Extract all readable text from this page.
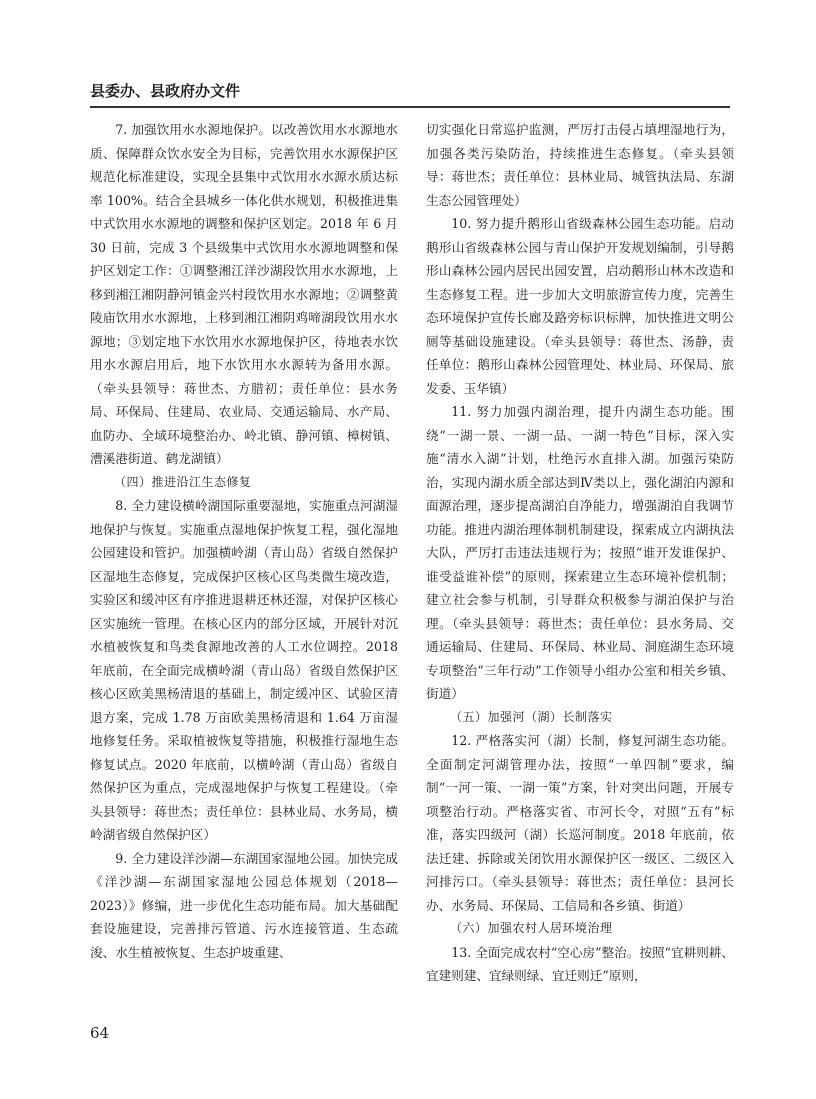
县委办、县政府办文件

7. 加强饮用水水源地保护。以改善饮用水水源地水质、保障群众饮水安全为目标，完善饮用水水源保护区规范化标准建设，实现全县集中式饮用水水源水质达标率 100%。结合全县城乡一体化供水规划，积极推进集中式饮用水水源地的调整和保护区划定。2018 年 6 月 30 日前，完成 3 个县级集中式饮用水水源地调整和保护区划定工作：①调整湘江洋沙湖段饮用水水源地，上移到湘江湘阴静河镇金兴村段饮用水水源地；②调整黄陵庙饮用水水源地，上移到湘江湘阴鸡啼湖段饮用水水源地；③划定地下水饮用水水源地保护区，待地表水饮用水水源启用后，地下水饮用水水源转为备用水源。（牵头县领导：蒋世杰、方腊初；责任单位：县水务局、环保局、住建局、农业局、交通运输局、水产局、血防办、全域环境整治办、岭北镇、静河镇、樟树镇、漕溪港街道、鹤龙湖镇）

（四）推进沿江生态修复

8. 全力建设横岭湖国际重要湿地，实施重点河湖湿地保护与恢复。实施重点湿地保护恢复工程，强化湿地公园建设和管护。加强横岭湖（青山岛）省级自然保护区湿地生态修复，完成保护区核心区鸟类微生境改造，实验区和缓冲区有序推进退耕还林还湿，对保护区核心区实施统一管理。在核心区内的部分区域，开展针对沉水植被恢复和鸟类食源地改善的人工水位调控。2018 年底前，在全面完成横岭湖（青山岛）省级自然保护区核心区欧美黑杨清退的基础上，制定缓冲区、试验区清退方案，完成 1.78 万亩欧美黑杨清退和 1.64 万亩湿地修复任务。采取植被恢复等措施，积极推行湿地生态修复试点。2020 年底前，以横岭湖（青山岛）省级自然保护区为重点，完成湿地保护与恢复工程建设。（牵头县领导：蒋世杰；责任单位：县林业局、水务局，横岭湖省级自然保护区）

9. 全力建设洋沙湖—东湖国家湿地公园。加快完成《洋沙湖—东湖国家湿地公园总体规划（2018—2023）》修编，进一步优化生态功能布局。加大基础配套设施建设，完善排污管道、污水连接管道、生态疏浚、水生植被恢复、生态护坡重建、

切实强化日常巡护监测，严厉打击侵占填埋湿地行为，加强各类污染防治，持续推进生态修复。（牵头县领导：蒋世杰；责任单位：县林业局、城管执法局、东湖生态公园管理处）

10. 努力提升鹅形山省级森林公园生态功能。启动鹅形山省级森林公园与青山保护开发规划编制，引导鹅形山森林公园内居民出园安置，启动鹅形山林木改造和生态修复工程。进一步加大文明旅游宣传力度，完善生态环境保护宣传长廊及路旁标识标牌，加快推进文明公厕等基础设施建设。（牵头县领导：蒋世杰、汤静，责任单位：鹅形山森林公园管理处、林业局、环保局、旅发委、玉华镇）

11. 努力加强内湖治理，提升内湖生态功能。围绕“一湖一景、一湖一品、一湖一特色”目标，深入实施“清水入湖”计划，杜绝污水直排入湖。加强污染防治，实现内湖水质全部达到Ⅳ类以上，强化湖泊内源和面源治理，逐步提高湖泊自净能力，增强湖泊自我调节功能。推进内湖治理体制机制建设，探索成立内湖执法大队，严厉打击违法违规行为；按照“谁开发谁保护、谁受益谁补偿”的原则，探索建立生态环境补偿机制；建立社会参与机制，引导群众积极参与湖泊保护与治理。（牵头县领导：蒋世杰；责任单位：县水务局、交通运输局、住建局、环保局、林业局、洞庭湖生态环境专项整治“三年行动”工作领导小组办公室和相关乡镇、街道）

（五）加强河（湖）长制落实

12. 严格落实河（湖）长制，修复河湖生态功能。全面制定河湖管理办法，按照“一单四制”要求，编制“一河一策、一湖一策”方案，针对突出问题，开展专项整治行动。严格落实省、市河长令，对照“五有”标准，落实四级河（湖）长巡河制度。2018 年底前，依法迁建、拆除或关闭饮用水源保护区一级区、二级区入河排污口。（牵头县领导：蒋世杰；责任单位：县河长办、水务局、环保局、工信局和各乡镇、街道）

（六）加强农村人居环境治理

13. 全面完成农村“空心房”整治。按照“宜耕则耕、宜建则建、宜绿则绿、宜迁则迁”原则，

64
